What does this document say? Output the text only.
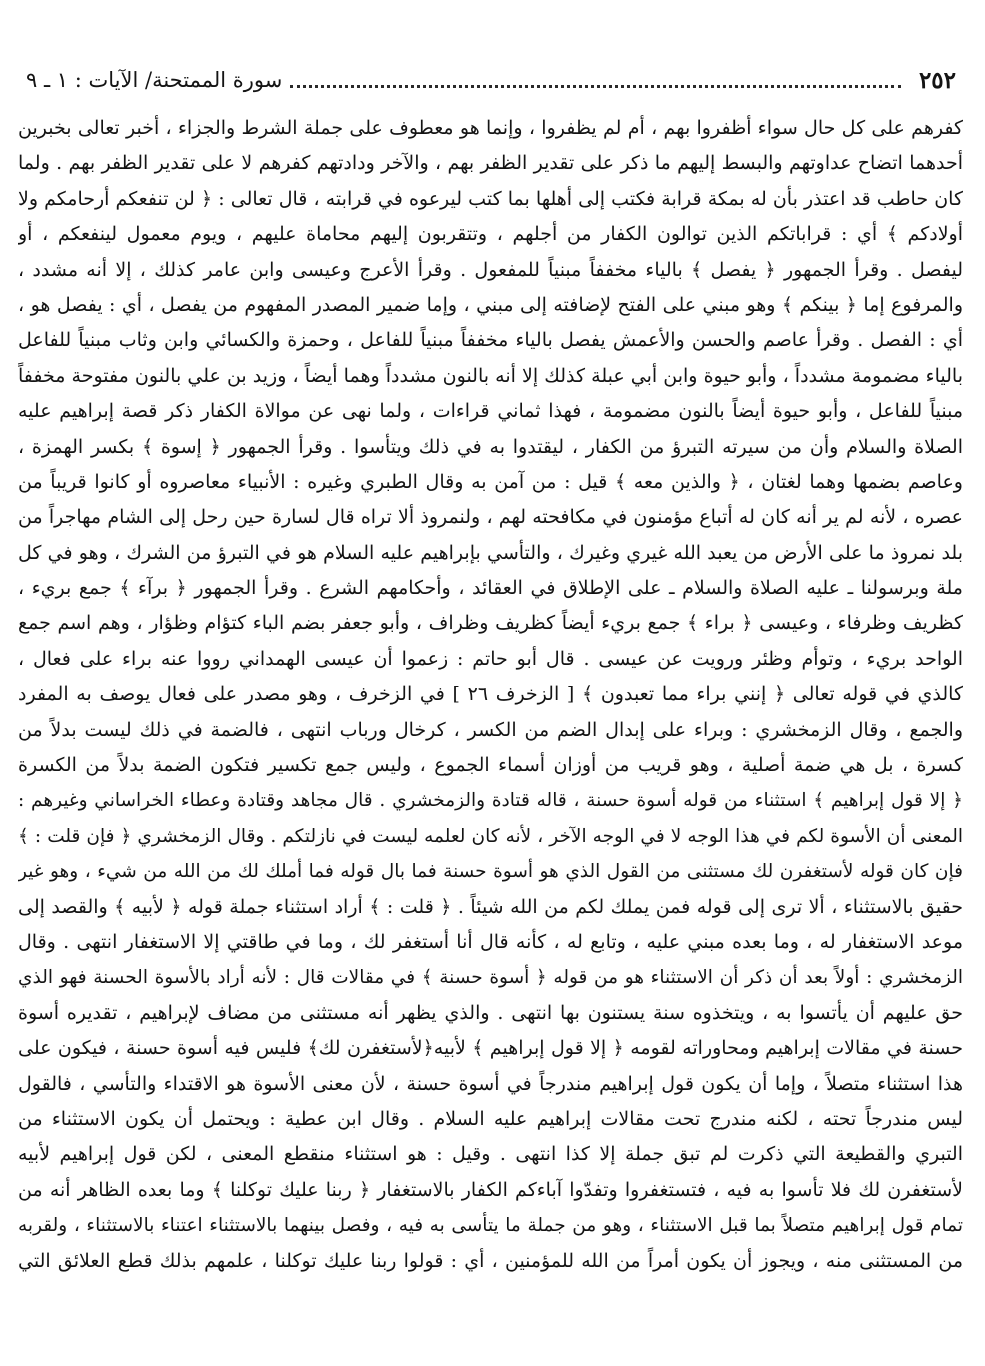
٢٥٢
سورة الممتحنة/ الآيات : ١ ـ ٩
كفرهم على كل حال سواء أظفروا بهم ، أم لم يظفروا ، وإنما هو معطوف على جملة الشرط والجزاء ، أخبر تعالى بخبرين
أحدهما اتضاح عداوتهم والبسط إليهم ما ذكر على تقدير الظفر بهم ، والآخر ودادتهم كفرهم لا على تقدير الظفر بهم . ولما
كان حاطب قد اعتذر بأن له بمكة قرابة فكتب إلى أهلها بما كتب ليرعوه في قرابته ، قال تعالى : ﴿ لن تنفعكم أرحامكم ولا
أولادكم ﴾ أي : قراباتكم الذين توالون الكفار من أجلهم ، وتتقربون إليهم محاماة عليهم ، ويوم معمول لينفعكم ، أو
ليفصل . وقرأ الجمهور ﴿ يفصل ﴾ بالياء مخففاً مبنياً للمفعول . وقرأ الأعرج وعيسى وابن عامر كذلك ، إلا أنه مشدد ،
والمرفوع إما ﴿ بينكم ﴾ وهو مبني على الفتح لإضافته إلى مبني ، وإما ضمير المصدر المفهوم من يفصل ، أي : يفصل هو ،
أي : الفصل . وقرأ عاصم والحسن والأعمش يفصل بالياء مخففاً مبنياً للفاعل ، وحمزة والكسائي وابن وثاب مبنياً للفاعل
بالياء مضمومة مشدداً ، وأبو حيوة وابن أبي عبلة كذلك إلا أنه بالنون مشدداً وهما أيضاً ، وزيد بن علي بالنون مفتوحة مخففاً
مبنياً للفاعل ، وأبو حيوة أيضاً بالنون مضمومة ، فهذا ثماني قراءات ، ولما نهى عن موالاة الكفار ذكر قصة إبراهيم عليه
الصلاة والسلام وأن من سيرته التبرؤ من الكفار ، ليقتدوا به في ذلك ويتأسوا . وقرأ الجمهور ﴿ إسوة ﴾ بكسر الهمزة ،
وعاصم بضمها وهما لغتان ، ﴿ والذين معه ﴾ قيل : من آمن به وقال الطبري وغيره : الأنبياء معاصروه أو كانوا قريباً من
عصره ، لأنه لم ير أنه كان له أتباع مؤمنون في مكافحته لهم ، ولنمروذ ألا تراه قال لسارة حين رحل إلى الشام مهاجراً من
بلد نمروذ ما على الأرض من يعبد الله غيري وغيرك ، والتأسي بإبراهيم عليه السلام هو في التبرؤ من الشرك ، وهو في كل
ملة وبرسولنا ـ عليه الصلاة والسلام ـ على الإطلاق في العقائد ، وأحكامهم الشرع . وقرأ الجمهور ﴿ برآء ﴾ جمع بريء ،
كظريف وظرفاء ، وعيسى ﴿ براء ﴾ جمع بريء أيضاً كظريف وظراف ، وأبو جعفر بضم الباء كتؤام وظؤار ، وهم اسم جمع
الواحد بريء ، وتوأم وظئر ورويت عن عيسى . قال أبو حاتم : زعموا أن عيسى الهمداني رووا عنه براء على فعال ،
كالذي في قوله تعالى ﴿ إنني براء مما تعبدون ﴾ [ الزخرف ٢٦ ] في الزخرف ، وهو مصدر على فعال يوصف به المفرد
والجمع ، وقال الزمخشري : وبراء على إبدال الضم من الكسر ، كرخال ورباب انتهى ، فالضمة في ذلك ليست بدلاً من
كسرة ، بل هي ضمة أصلية ، وهو قريب من أوزان أسماء الجموع ، وليس جمع تكسير فتكون الضمة بدلاً من الكسرة
﴿ إلا قول إبراهيم ﴾ استثناء من قوله أسوة حسنة ، قاله قتادة والزمخشري . قال مجاهد وقتادة وعطاء الخراساني وغيرهم :
المعنى أن الأسوة لكم في هذا الوجه لا في الوجه الآخر ، لأنه كان لعلمه ليست في نازلتكم . وقال الزمخشري ﴿ فإن قلت : ﴾
فإن كان قوله لأستغفرن لك مستثنى من القول الذي هو أسوة حسنة فما بال قوله فما أملك لك من الله من شيء ، وهو غير
حقيق بالاستثناء ، ألا ترى إلى قوله فمن يملك لكم من الله شيئاً . ﴿ قلت : ﴾ أراد استثناء جملة قوله ﴿ لأبيه ﴾ والقصد إلى
موعد الاستغفار له ، وما بعده مبني عليه ، وتابع له ، كأنه قال أنا أستغفر لك ، وما في طاقتي إلا الاستغفار انتهى . وقال
الزمخشري : أولاً بعد أن ذكر أن الاستثناء هو من قوله ﴿ أسوة حسنة ﴾ في مقالات قال : لأنه أراد بالأسوة الحسنة فهو الذي
حق عليهم أن يأتسوا به ، ويتخذوه سنة يستنون بها انتهى . والذي يظهر أنه مستثنى من مضاف لإبراهيم ، تقديره أسوة
حسنة في مقالات إبراهيم ومحاوراته لقومه ﴿ إلا قول إبراهيم ﴾ لأبيه﴿لأستغفرن لك﴾ فليس فيه أسوة حسنة ، فيكون على
هذا استثناء متصلاً ، وإما أن يكون قول إبراهيم مندرجاً في أسوة حسنة ، لأن معنى الأسوة هو الاقتداء والتأسي ، فالقول
ليس مندرجاً تحته ، لكنه مندرج تحت مقالات إبراهيم عليه السلام . وقال ابن عطية : ويحتمل أن يكون الاستثناء من
التبري والقطيعة التي ذكرت لم تبق جملة إلا كذا انتهى . وقيل : هو استثناء منقطع المعنى ، لكن قول إبراهيم لأبيه
لأستغفرن لك فلا تأسوا به فيه ، فتستغفروا وتفدّوا آباءكم الكفار بالاستغفار ﴿ ربنا عليك توكلنا ﴾ وما بعده الظاهر أنه من
تمام قول إبراهيم متصلاً بما قبل الاستثناء ، وهو من جملة ما يتأسى به فيه ، وفصل بينهما بالاستثناء اعتناء بالاستثناء ، ولقربه
من المستثنى منه ، ويجوز أن يكون أمراً من الله للمؤمنين ، أي : قولوا ربنا عليك توكلنا ، علمهم بذلك قطع العلائق التي
